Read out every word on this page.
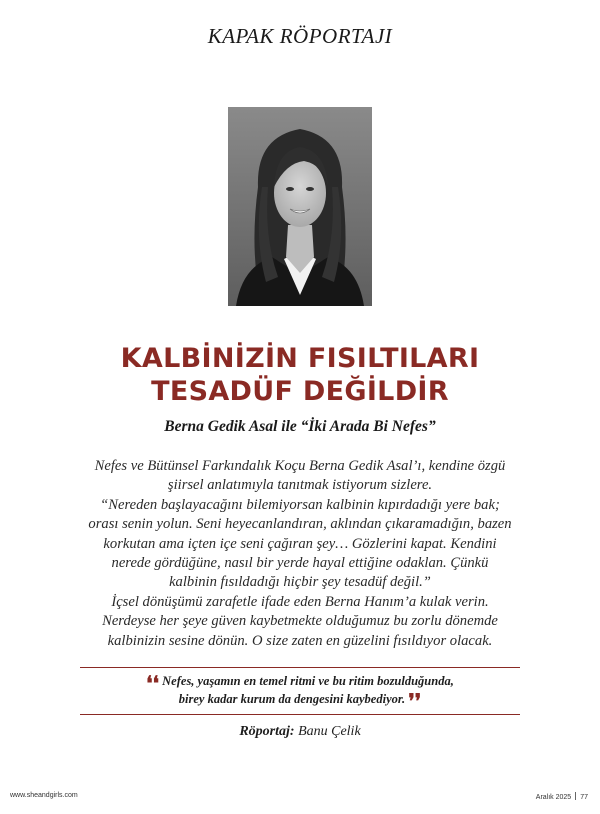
KAPAK RÖPORTAJI
KALBİNİZİN FISILTILARI
TESADÜF DEĞİLDİR
Berna Gedik Asal ile “İki Arada Bi Nefes”
Nefes ve Bütünsel Farkındalık Koçu Berna Gedik Asal’ı, kendine özgü
şiirsel anlatımıyla tanıtmak istiyorum sizlere.
“Nereden başlayacağını bilemiyorsan kalbinin kıpırdadığı yere bak;
orası senin yolun. Seni heyecanlandıran, aklından çıkaramadığın, bazen
korkutan ama içten içe seni çağıran şey… Gözlerini kapat. Kendini
nerede gördüğüne, nasıl bir yerde hayal ettiğine odaklan. Çünkü
kalbinin fısıldadığı hiçbir şey tesadüf değil.”
İçsel dönüşümü zarafetle ifade eden Berna Hanım’a kulak verin.
Nerdeyse her şeye güven kaybetmekte olduğumuz bu zorlu dönemde
kalbinizin sesine dönün. O size zaten en güzelini fısıldıyor olacak.
❛❛ Nefes, yaşamın en temel ritmi ve bu ritim bozulduğunda,
birey kadar kurum da dengesini kaybediyor. ❜❜
Röportaj: Banu Çelik
www.sheandgirls.com	Aralık 2025 77
